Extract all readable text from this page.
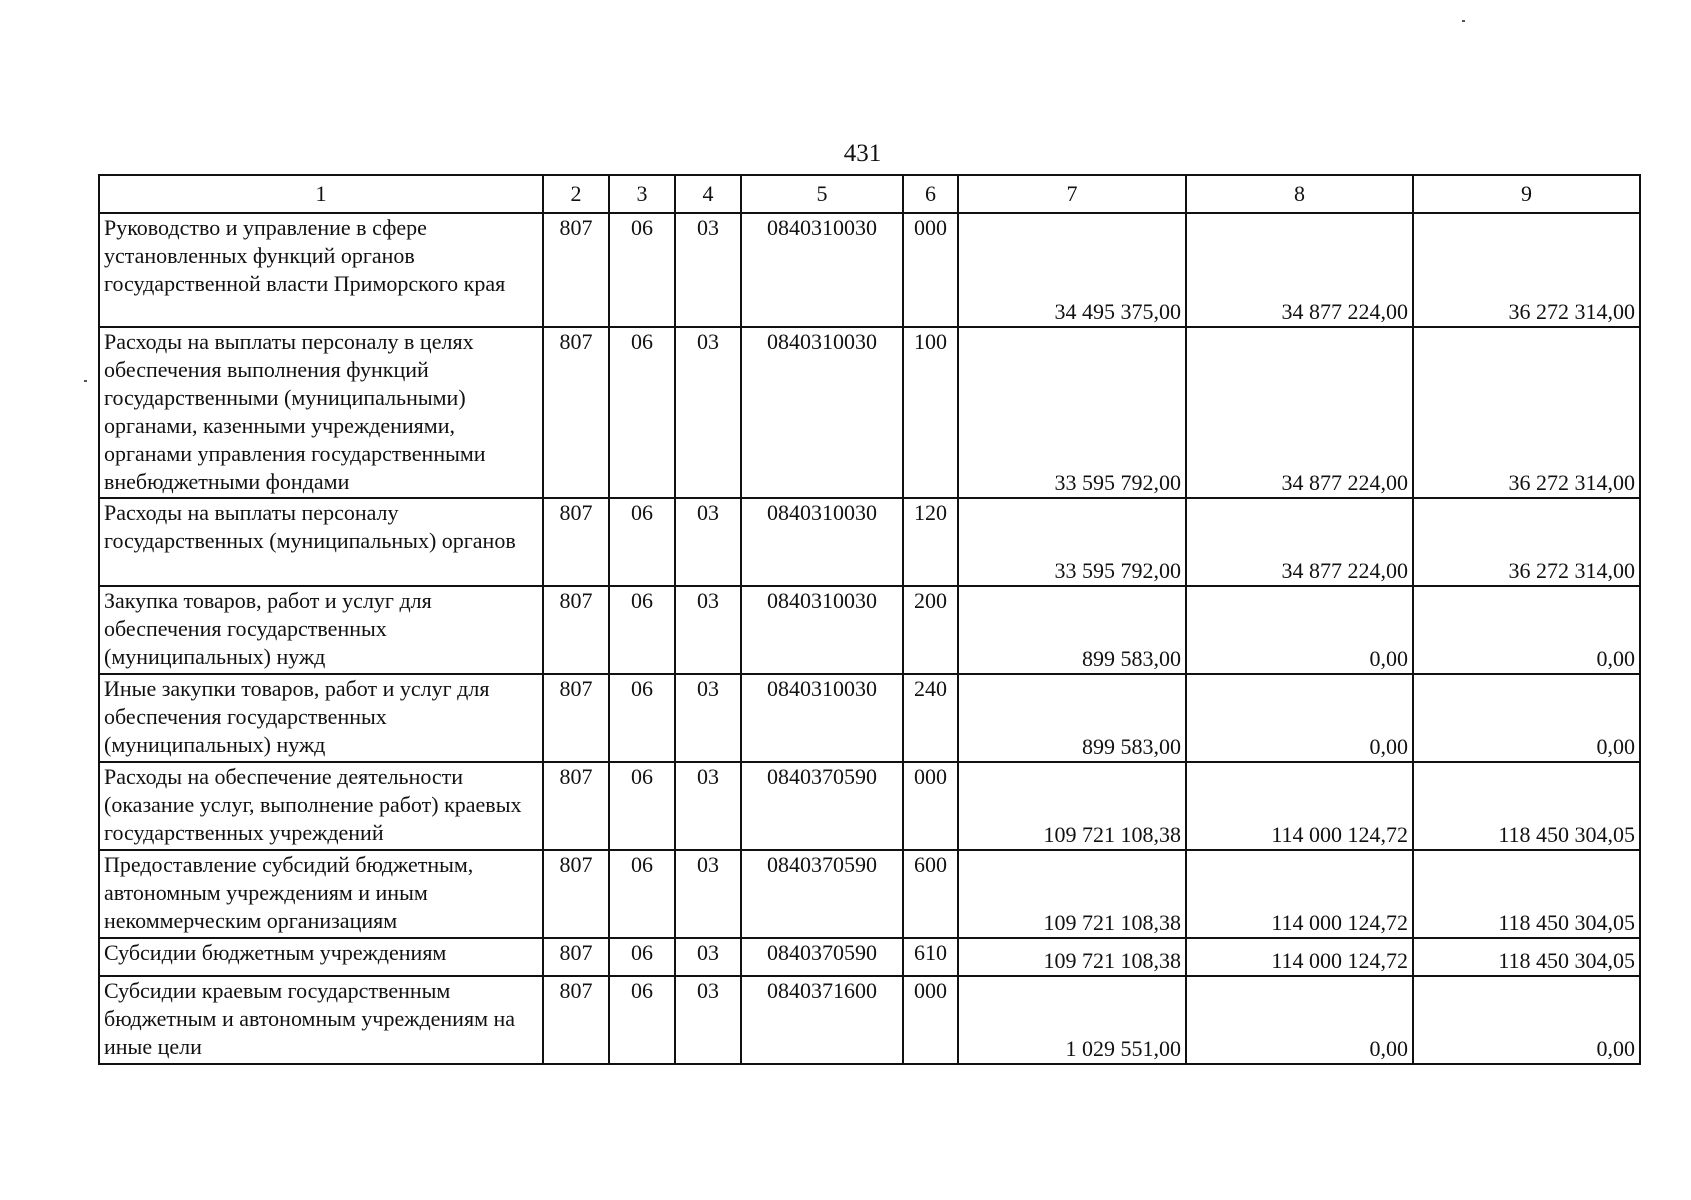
431
1	2	3	4	5	6	7	8	9
Руководство и управление в сфере установленных функций органов государственной власти Приморского края	807	06	03	0840310030	000	34 495 375,00	34 877 224,00	36 272 314,00
Расходы на выплаты персоналу в целях обеспечения выполнения функций государственными (муниципальными) органами, казенными учреждениями, органами управления государственными внебюджетными фондами	807	06	03	0840310030	100	33 595 792,00	34 877 224,00	36 272 314,00
Расходы на выплаты персоналу государственных (муниципальных) органов	807	06	03	0840310030	120	33 595 792,00	34 877 224,00	36 272 314,00
Закупка товаров, работ и услуг для обеспечения государственных (муниципальных) нужд	807	06	03	0840310030	200	899 583,00	0,00	0,00
Иные закупки товаров, работ и услуг для обеспечения государственных (муниципальных) нужд	807	06	03	0840310030	240	899 583,00	0,00	0,00
Расходы на обеспечение деятельности (оказание услуг, выполнение работ) краевых государственных учреждений	807	06	03	0840370590	000	109 721 108,38	114 000 124,72	118 450 304,05
Предоставление субсидий бюджетным, автономным учреждениям и иным некоммерческим организациям	807	06	03	0840370590	600	109 721 108,38	114 000 124,72	118 450 304,05
Субсидии бюджетным учреждениям	807	06	03	0840370590	610	109 721 108,38	114 000 124,72	118 450 304,05
Субсидии краевым государственным бюджетным и автономным учреждениям на иные цели	807	06	03	0840371600	000	1 029 551,00	0,00	0,00
